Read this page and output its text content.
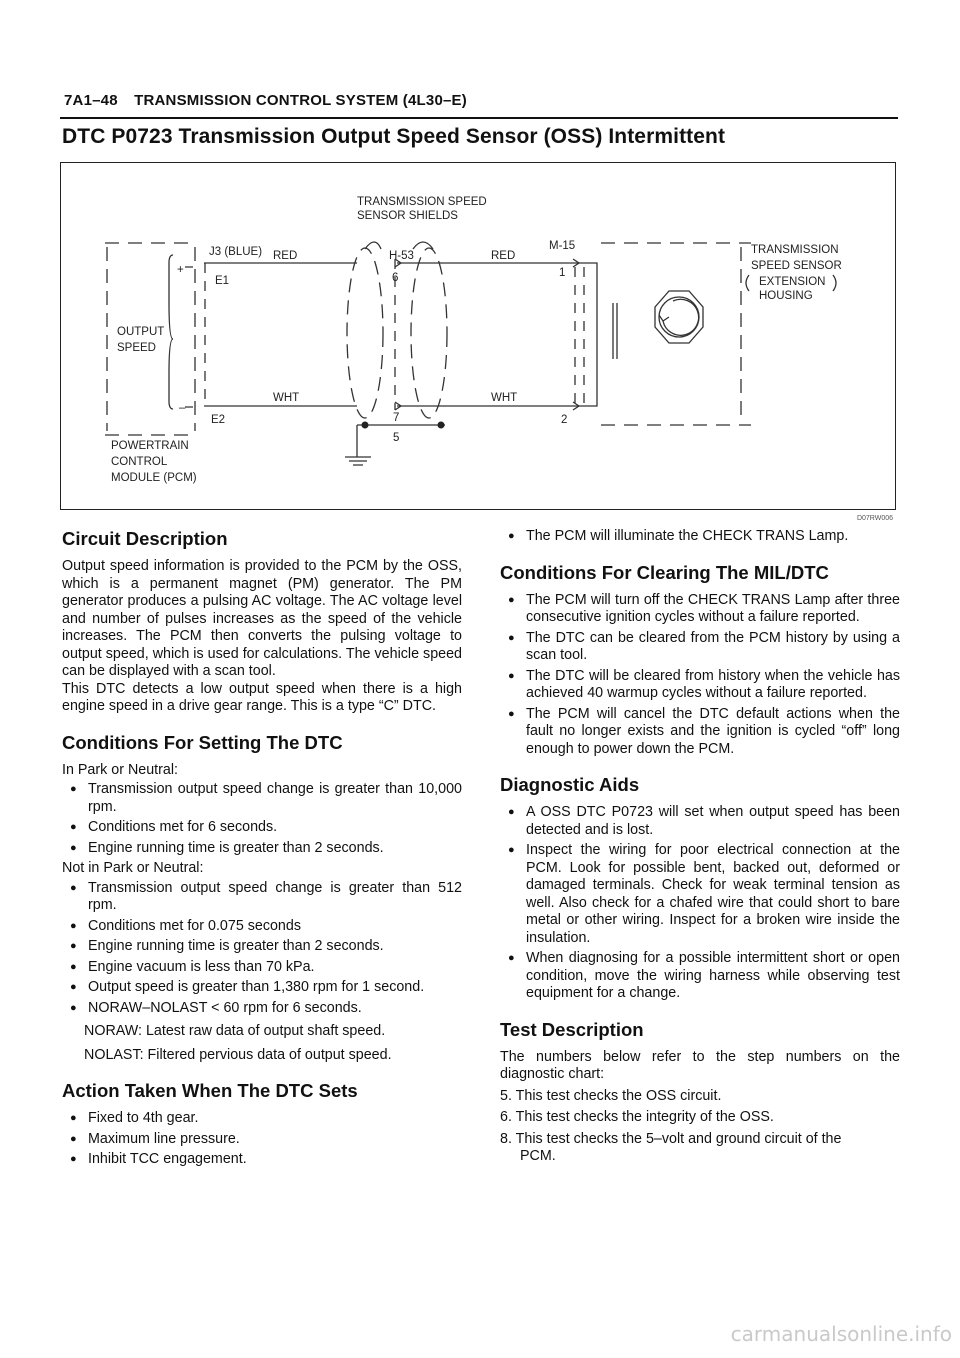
7A1–48 TRANSMISSION CONTROL SYSTEM (4L30–E)
DTC P0723 Transmission Output Speed Sensor (OSS) Intermittent
TRANSMISSION SPEED
SENSOR SHIELDS
J3 (BLUE) RED	H-53	RED
M-15	TRANSMISSION
SPEED SENSOR
EXTENSION
HOUSING
E1	6	1
+
–
OUTPUT
SPEED
WHT	WHT
E2	7
5
2
POWERTRAIN
CONTROL
MODULE (PCM)
D07RW006
Circuit Description

Output speed information is provided to the PCM by the OSS, which is a permanent magnet (PM) generator. The PM generator produces a pulsing AC voltage. The AC voltage level and number of pulses increases as the speed of the vehicle increases. The PCM then converts the pulsing voltage to output speed, which is used for calculations. The vehicle speed can be displayed with a scan tool.

This DTC detects a low output speed when there is a high engine speed in a drive gear range. This is a type “C” DTC.

Conditions For Setting The DTC

In Park or Neutral:

● Transmission output speed change is greater than 10,000 rpm.
● Conditions met for 6 seconds.
● Engine running time is greater than 2 seconds.

Not in Park or Neutral:

● Transmission output speed change is greater than 512 rpm.
● Conditions met for 0.075 seconds
● Engine running time is greater than 2 seconds.
● Engine vacuum is less than 70 kPa.
● Output speed is greater than 1,380 rpm for 1 second.
● NORAW–NOLAST < 60 rpm for 6 seconds.

NORAW: Latest raw data of output shaft speed.

NOLAST: Filtered pervious data of output speed.

Action Taken When The DTC Sets
● Fixed to 4th gear.
● Maximum line pressure.
● Inhibit TCC engagement.
● The PCM will illuminate the CHECK TRANS Lamp.
Conditions For Clearing The MIL/DTC
● The PCM will turn off the CHECK TRANS Lamp after three consecutive ignition cycles without a failure reported.
● The DTC can be cleared from the PCM history by using a scan tool.
● The DTC will be cleared from history when the vehicle has achieved 40 warmup cycles without a failure reported.
● The PCM will cancel the DTC default actions when the fault no longer exists and the ignition is cycled “off” long enough to power down the PCM.
Diagnostic Aids
● A OSS DTC P0723 will set when output speed has been detected and is lost.
● Inspect the wiring for poor electrical connection at the PCM. Look for possible bent, backed out, deformed or damaged terminals. Check for weak terminal tension as well. Also check for a chafed wire that could short to bare metal or other wiring. Inspect for a broken wire inside the insulation.
● When diagnosing for a possible intermittent short or open condition, move the wiring harness while observing test equipment for a change.
Test Description

The numbers below refer to the step numbers on the diagnostic chart:

5. This test checks the OSS circuit.

6. This test checks the integrity of the OSS.

8. This test checks the 5–volt and ground circuit of the
PCM.

carmanualsonline.info
